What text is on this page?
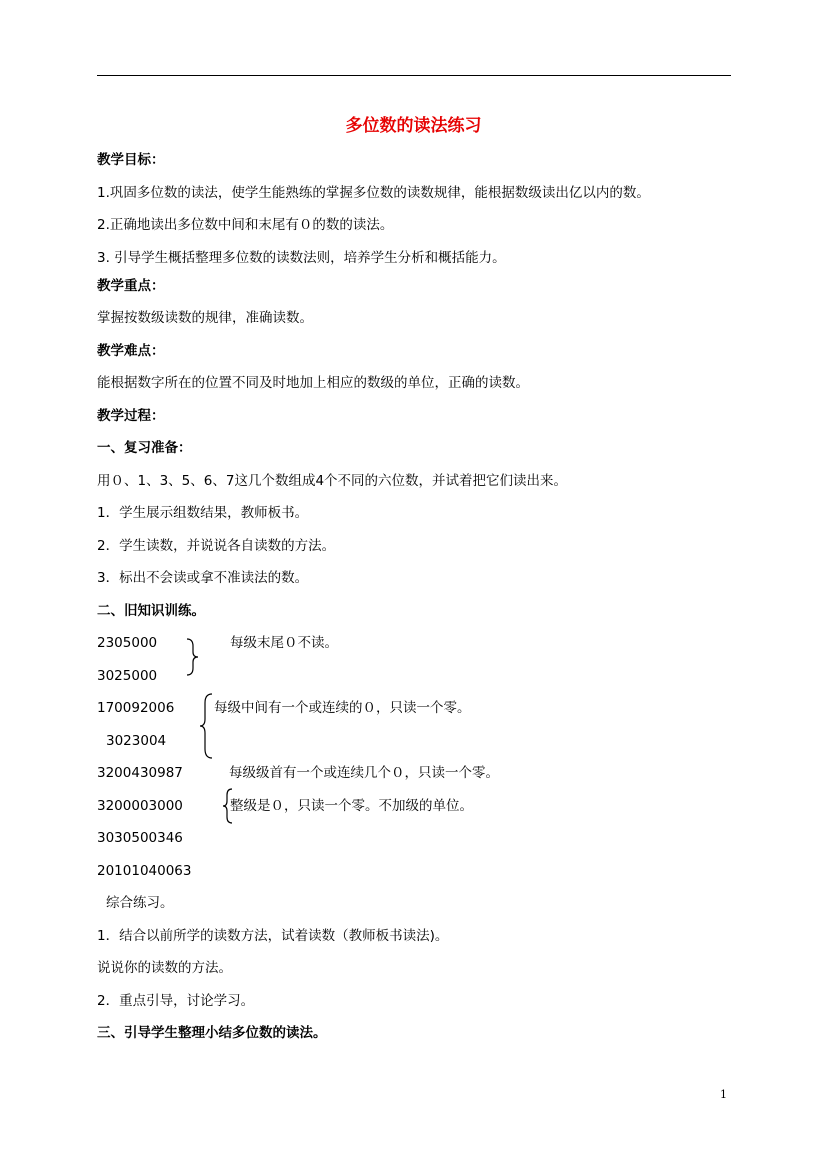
多位数的读法练习
教学目标：
1.巩固多位数的读法，使学生能熟练的掌握多位数的读数规律，能根据数级读出亿以内的数。
2.正确地读出多位数中间和末尾有０的数的读法。
3. 引导学生概括整理多位数的读数法则，培养学生分析和概括能力。
教学重点：
掌握按数级读数的规律，准确读数。
教学难点：
能根据数字所在的位置不同及时地加上相应的数级的单位，正确的读数。
教学过程：
一、复习准备：
用０、1、3、5、6、7这几个数组成4个不同的六位数，并试着把它们读出来。
1．学生展示组数结果，教师板书。
2．学生读数，并说说各自读数的方法。
3．标出不会读或拿不准读法的数。
二、旧知识训练。
2305000
3025000
170092006
3023004
3200430987
3200003000
3030500346
20101040063
每级末尾０不读。
每级中间有一个或连续的０，只读一个零。
每级级首有一个或连续几个０，只读一个零。
整级是０，只读一个零。不加级的单位。
综合练习。
1．结合以前所学的读数方法，试着读数（教师板书读法)。
说说你的读数的方法。
2．重点引导，讨论学习。
三、引导学生整理小结多位数的读法。
1
